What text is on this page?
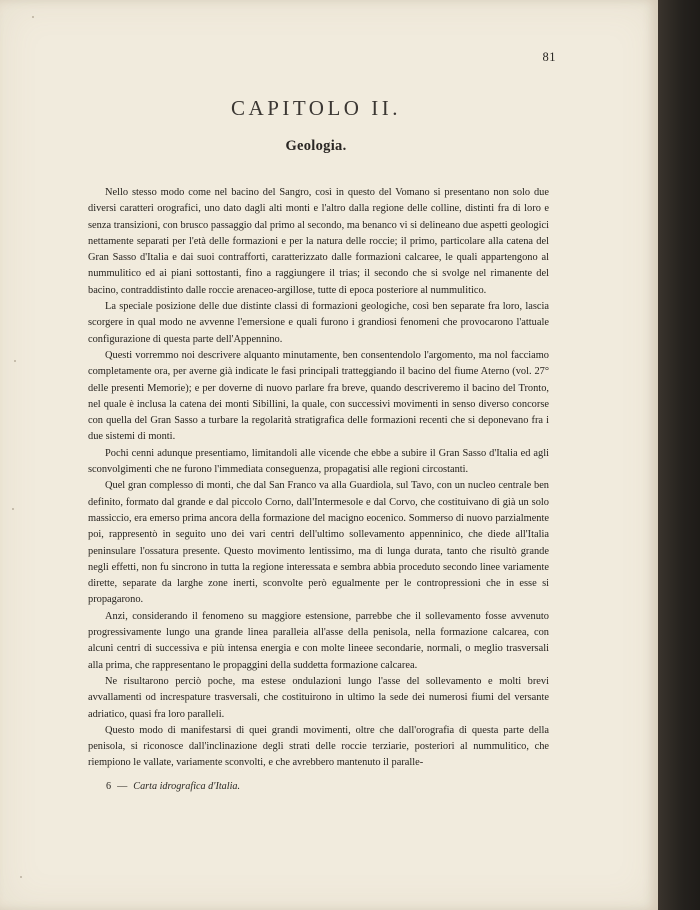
81
CAPITOLO II.
Geologia.

Nello stesso modo come nel bacino del Sangro, così in questo del Vomano si presentano non solo due diversi caratteri orografici, uno dato dagli alti monti e l'altro dalla regione delle colline, distinti fra di loro e senza transizioni, con brusco passaggio dal primo al secondo, ma benanco vi si delineano due aspetti geologici nettamente separati per l'età delle formazioni e per la natura delle roccie; il primo, particolare alla catena del Gran Sasso d'Italia e dai suoi contrafforti, caratterizzato dalle formazioni calcaree, le quali appartengono al nummulitico ed ai piani sottostanti, fino a raggiungere il trias; il secondo che si svolge nel rimanente del bacino, contraddistinto dalle roccie arenaceo-argillose, tutte di epoca posteriore al nummulitico.

La speciale posizione delle due distinte classi di formazioni geologiche, così ben separate fra loro, lascia scorgere in qual modo ne avvenne l'emersione e quali furono i grandiosi fenomeni che provocarono l'attuale configurazione di questa parte dell'Appennino.

Questi vorremmo noi descrivere alquanto minutamente, ben consentendolo l'argomento, ma nol facciamo completamente ora, per averne già indicate le fasi principali tratteggiando il bacino del fiume Aterno (vol. 27° delle presenti Memorie); e per doverne di nuovo parlare fra breve, quando descriveremo il bacino del Tronto, nel quale è inclusa la catena dei monti Sibillini, la quale, con successivi movimenti in senso diverso concorse con quella del Gran Sasso a turbare la regolarità stratigrafica delle formazioni recenti che si deponevano fra i due sistemi di monti.

Pochi cenni adunque presentiamo, limitandoli alle vicende che ebbe a subire il Gran Sasso d'Italia ed agli sconvolgimenti che ne furono l'immediata conseguenza, propagatisi alle regioni circostanti.

Quel gran complesso di monti, che dal San Franco va alla Guardiola, sul Tavo, con un nucleo centrale ben definito, formato dal grande e dal piccolo Corno, dall'Intermesole e dal Corvo, che costituivano di già un solo massiccio, era emerso prima ancora della formazione del macigno eocenico. Sommerso di nuovo parzialmente poi, rappresentò in seguito uno dei vari centri dell'ultimo sollevamento appenninico, che diede all'Italia peninsulare l'ossatura presente. Questo movimento lentissimo, ma di lunga durata, tanto che risultò grande negli effetti, non fu sincrono in tutta la regione interessata e sembra abbia proceduto secondo linee variamente dirette, separate da larghe zone inerti, sconvolte però egualmente per le contropressioni che in esse si propagarono.

Anzi, considerando il fenomeno su maggiore estensione, parrebbe che il sollevamento fosse avvenuto progressivamente lungo una grande linea paralleia all'asse della penisola, nella formazione calcarea, con alcuni centri di successiva e più intensa energia e con molte lineee secondarie, normali, o meglio trasversali alla prima, che rappresentano le propaggini della suddetta formazione calcarea.

Ne risultarono perciò poche, ma estese ondulazioni lungo l'asse del sollevamento e molti brevi avvallamenti od increspature trasversali, che costituirono in ultimo la sede dei numerosi fiumi del versante adriatico, quasi fra loro paralleli.

Questo modo di manifestarsi di quei grandi movimenti, oltre che dall'orografia di questa parte della penisola, si riconosce dall'inclinazione degli strati delle roccie terziarie, posteriori al nummulitico, che riempiono le vallate, variamente sconvolti, e che avrebbero mantenuto il paralle-

6 — Carta idrografica d'Italia.
